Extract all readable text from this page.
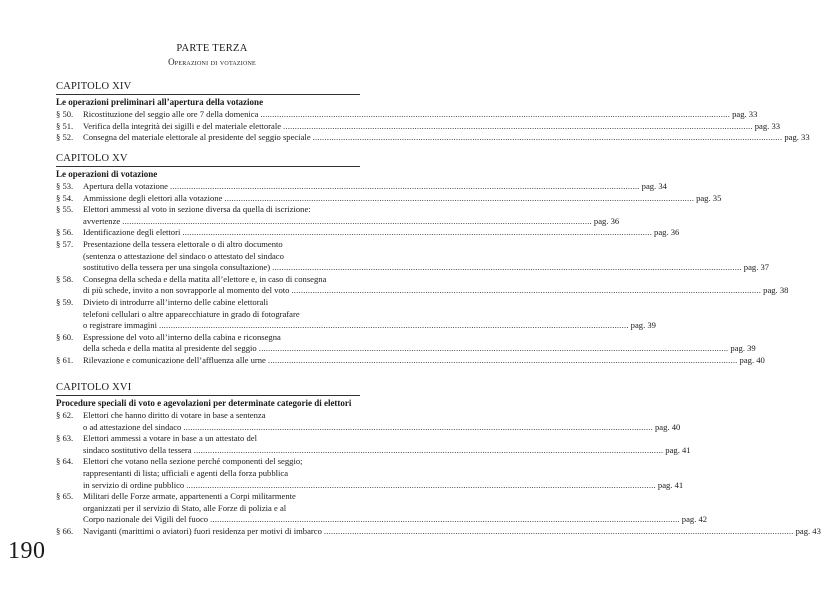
PARTE TERZA
Operazioni di votazione
CAPITOLO XIV
Le operazioni preliminari all’apertura della votazione
§ 50. Ricostituzione del seggio alle ore 7 della domenica ........................................................................................................................................................................................................ pag. 33
§ 51. Verifica della integrità dei sigilli e del materiale elettorale ........................................................................................................................................................................................................ pag. 33
§ 52. Consegna del materiale elettorale al presidente del seggio speciale ........................................................................................................................................................................................................ pag. 33
CAPITOLO XV
Le operazioni di votazione
§ 53. Apertura della votazione ........................................................................................................................................................................................................ pag. 34
§ 54. Ammissione degli elettori alla votazione ........................................................................................................................................................................................................ pag. 35
§ 55. Elettori ammessi al voto in sezione diversa da quella di iscrizione:
avvertenze ........................................................................................................................................................................................................ pag. 36
§ 56. Identificazione degli elettori ........................................................................................................................................................................................................ pag. 36
§ 57. Presentazione della tessera elettorale o di altro documento
(sentenza o attestazione del sindaco o attestato del sindaco
sostitutivo della tessera per una singola consultazione) ........................................................................................................................................................................................................ pag. 37
§ 58. Consegna della scheda e della matita all’elettore e, in caso di consegna
di più schede, invito a non sovrapporle al momento del voto ........................................................................................................................................................................................................ pag. 38
§ 59. Divieto di introdurre all’interno delle cabine elettorali
telefoni cellulari o altre apparecchiature in grado di fotografare
o registrare immagini ........................................................................................................................................................................................................ pag. 39
§ 60. Espressione del voto all’interno della cabina e riconsegna
della scheda e della matita al presidente del seggio ........................................................................................................................................................................................................ pag. 39
§ 61. Rilevazione e comunicazione dell’affluenza alle urne ........................................................................................................................................................................................................ pag. 40
CAPITOLO XVI
Procedure speciali di voto e agevolazioni per determinate categorie di elettori
§ 62. Elettori che hanno diritto di votare in base a sentenza
o ad attestazione del sindaco ........................................................................................................................................................................................................ pag. 40
§ 63. Elettori ammessi a votare in base a un attestato del
sindaco sostitutivo della tessera ........................................................................................................................................................................................................ pag. 41
§ 64. Elettori che votano nella sezione perché componenti del seggio;
rappresentanti di lista; ufficiali e agenti della forza pubblica
in servizio di ordine pubblico ........................................................................................................................................................................................................ pag. 41
§ 65. Militari delle Forze armate, appartenenti a Corpi militarmente
organizzati per il servizio di Stato, alle Forze di polizia e al
Corpo nazionale dei Vigili del fuoco ........................................................................................................................................................................................................ pag. 42
§ 66. Naviganti (marittimi o aviatori) fuori residenza per motivi di imbarco ........................................................................................................................................................................................................ pag. 43
190
